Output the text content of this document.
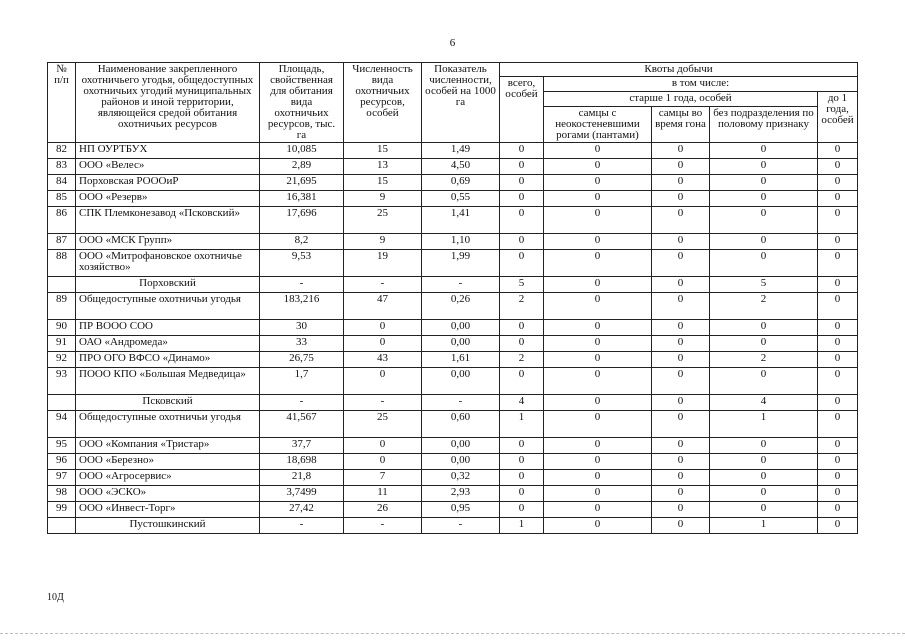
6
№ п/п	Наименование закрепленного охотничьего угодья, общедоступных охотничьих угодий муниципальных районов и иной территории, являющейся средой обитания охотничьих ресурсов	Площадь, свойственная для обитания вида охотничьих ресурсов, тыс. га	Численность вида охотничьих ресурсов, особей	Показатель численности, особей на 1000 га	Квоты добычи				
					всего, особей	в том числе:			
						старше 1 года, особей			до 1 года, особей
						самцы с неокостеневшими рогами (пантами)	самцы во время гона	без подразделения по половому признаку	
82	НП ОУРТБУХ	10,085	15	1,49	0	0	0	0	0
83	ООО «Велес»	2,89	13	4,50	0	0	0	0	0
84	Порховская РОООиР	21,695	15	0,69	0	0	0	0	0
85	ООО «Резерв»	16,381	9	0,55	0	0	0	0	0
86	СПК Племконезавод «Псковский»	17,696	25	1,41	0	0	0	0	0
87	ООО «МСК Групп»	8,2	9	1,10	0	0	0	0	0
88	ООО «Митрофановское охотничье хозяйство»	9,53	19	1,99	0	0	0	0	0
	Порховский	-	-	-	5	0	0	5	0
89	Общедоступные охотничьи угодья	183,216	47	0,26	2	0	0	2	0
90	ПР ВООО СОО	30	0	0,00	0	0	0	0	0
91	ОАО «Андромеда»	33	0	0,00	0	0	0	0	0
92	ПРО ОГО ВФСО «Динамо»	26,75	43	1,61	2	0	0	2	0
93	ПООО КПО «Большая Медведица»	1,7	0	0,00	0	0	0	0	0
	Псковский	-	-	-	4	0	0	4	0
94	Общедоступные охотничьи угодья	41,567	25	0,60	1	0	0	1	0
95	ООО «Компания «Тристар»	37,7	0	0,00	0	0	0	0	0
96	ООО «Березно»	18,698	0	0,00	0	0	0	0	0
97	ООО «Агросервис»	21,8	7	0,32	0	0	0	0	0
98	ООО «ЭСКО»	3,7499	11	2,93	0	0	0	0	0
99	ООО «Инвест-Торг»	27,42	26	0,95	0	0	0	0	0
	Пустошкинский	-	-	-	1	0	0	1	0
10Д
